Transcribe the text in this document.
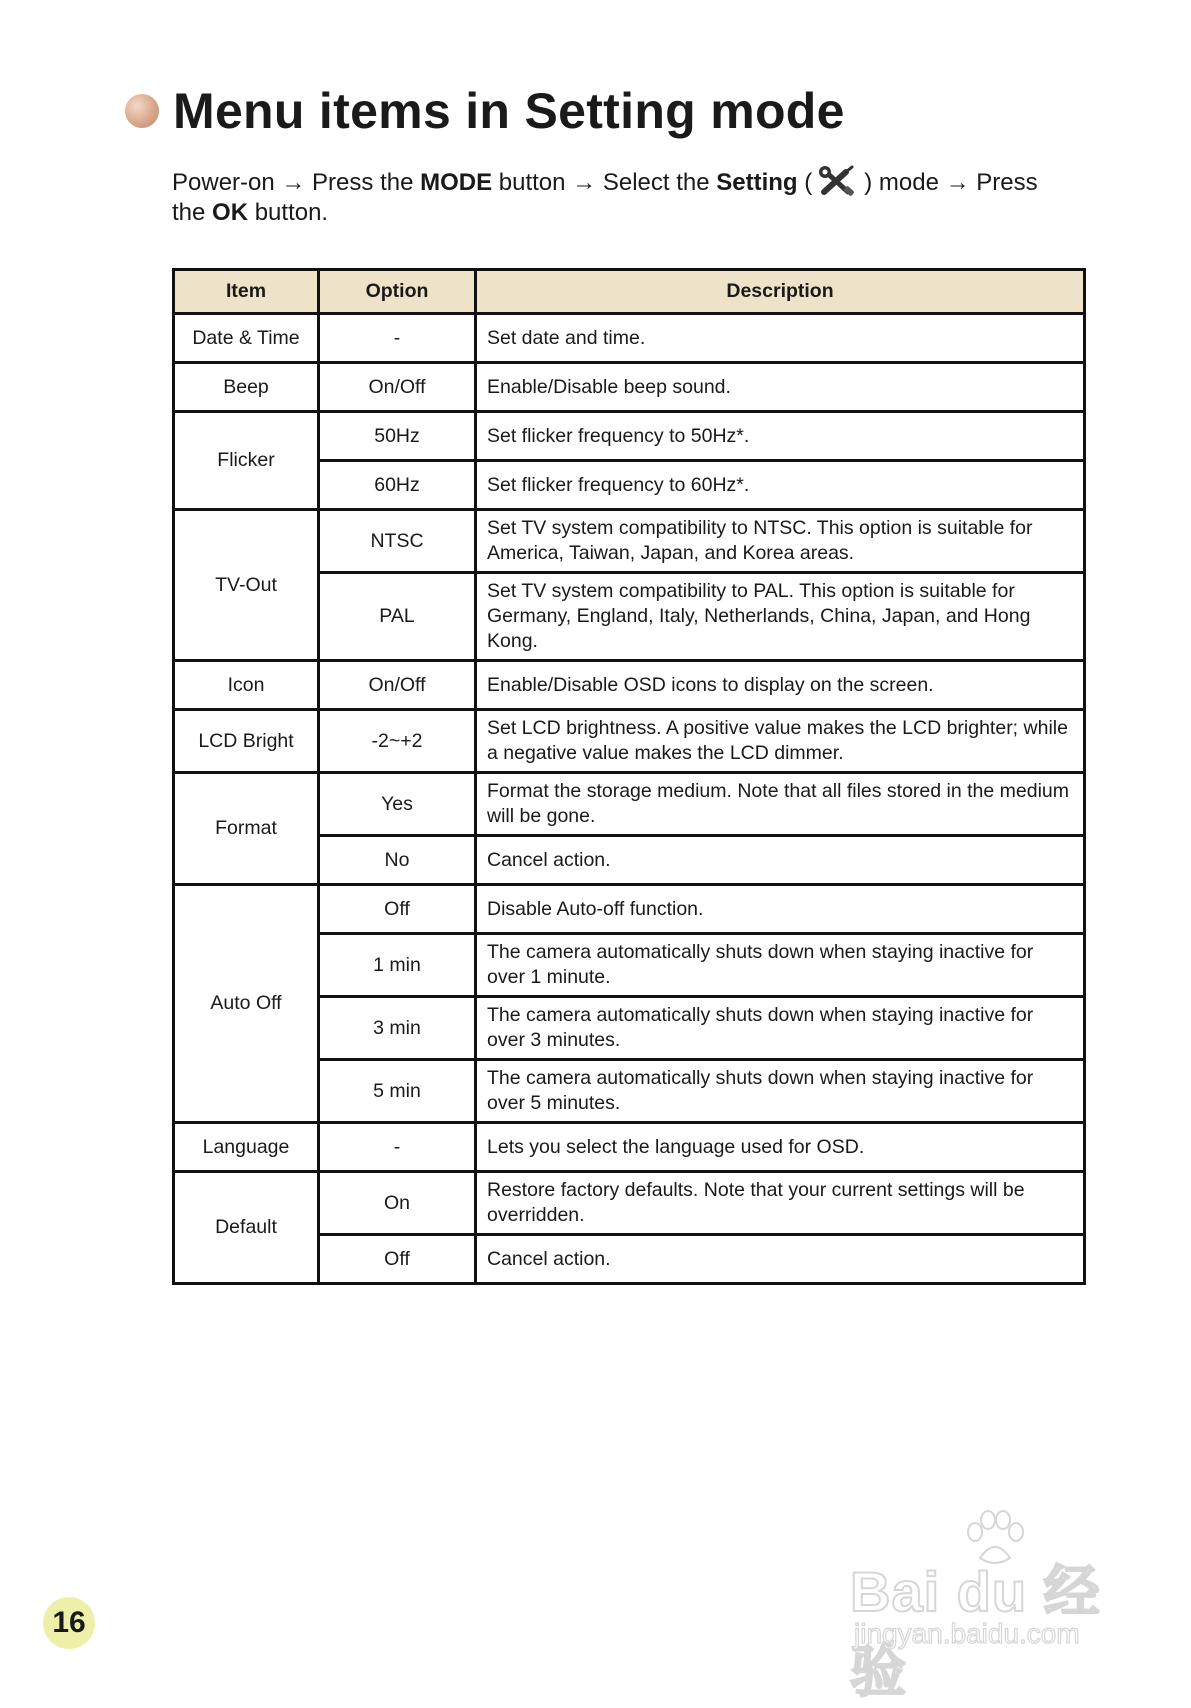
Menu items in Setting mode
Power-on → Press the MODE button → Select the Setting ( ) mode → Press the OK button.
Item	Option	Description
Date & Time	-	Set date and time.
Beep	On/Off	Enable/Disable beep sound.
Flicker	50Hz	Set flicker frequency to 50Hz*.
	60Hz	Set flicker frequency to 60Hz*.
TV-Out	NTSC	Set TV system compatibility to NTSC. This option is suitable for America, Taiwan, Japan, and Korea areas.
	PAL	Set TV system compatibility to PAL. This option is suitable for Germany, England, Italy, Netherlands, China, Japan, and Hong Kong.
Icon	On/Off	Enable/Disable OSD icons to display on the screen.
LCD Bright	-2~+2	Set LCD brightness. A positive value makes the LCD brighter; while a negative value makes the LCD dimmer.
Format	Yes	Format the storage medium. Note that all files stored in the medium will be gone.
	No	Cancel action.
Auto Off	Off	Disable Auto-off function.
	1 min	The camera automatically shuts down when staying inactive for over 1 minute.
	3 min	The camera automatically shuts down when staying inactive for over 3 minutes.
	5 min	The camera automatically shuts down when staying inactive for over 5 minutes.
Language	-	Lets you select the language used for OSD.
Default	On	Restore factory defaults. Note that your current settings will be overridden.
	Off	Cancel action.
16	Bai du 经验
jingyan.baidu.com
